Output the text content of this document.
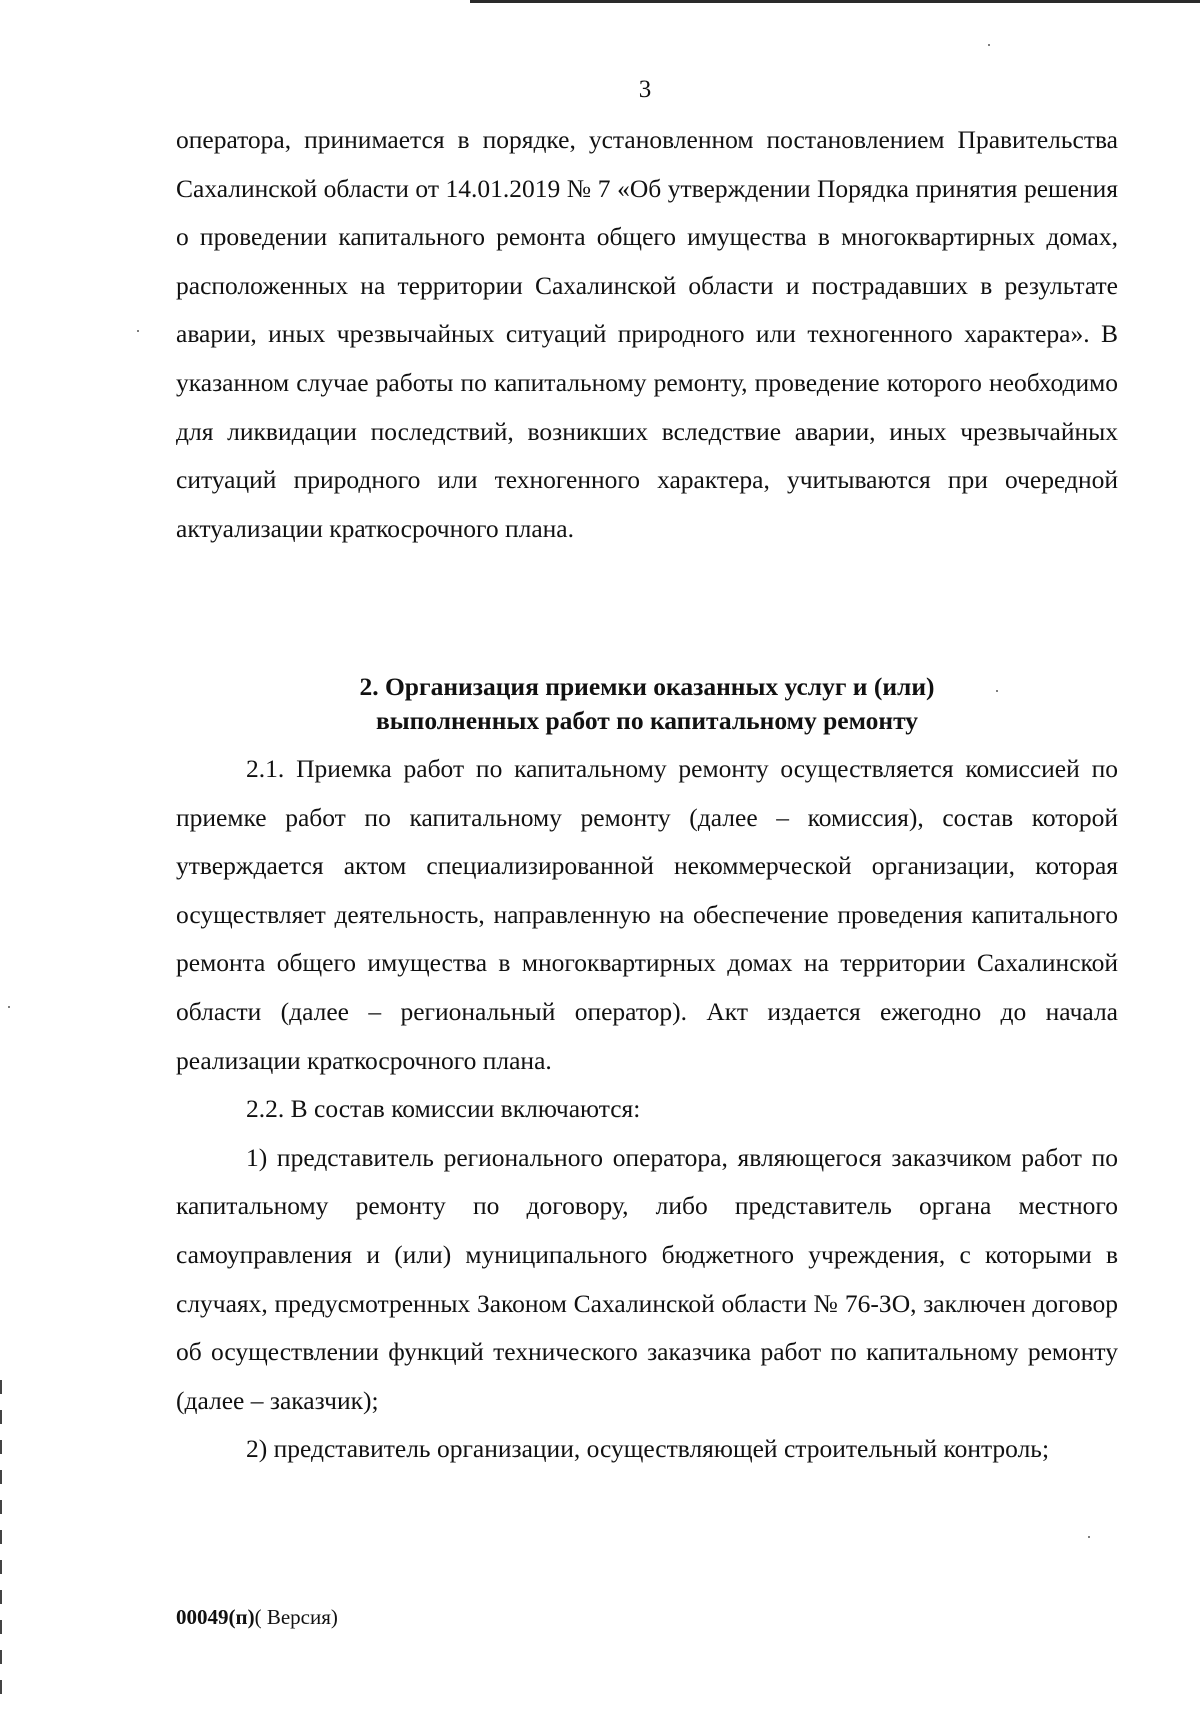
3

оператора, принимается в порядке, установленном постановлением Правительства Сахалинской области от 14.01.2019 № 7 «Об утверждении Порядка принятия решения о проведении капитального ремонта общего имущества в многоквартирных домах, расположенных на территории Сахалинской области и пострадавших в результате аварии, иных чрезвычайных ситуаций природного или техногенного характера». В указанном случае работы по капитальному ремонту, проведение которого необходимо для ликвидации последствий, возникших вследствие аварии, иных чрезвычайных ситуаций природного или техногенного характера, учитываются при очередной актуализации краткосрочного плана.

2. Организация приемки оказанных услуг и (или)
выполненных работ по капитальному ремонту

2.1. Приемка работ по капитальному ремонту осуществляется комиссией по приемке работ по капитальному ремонту (далее – комиссия), состав которой утверждается актом специализированной некоммерческой организации, которая осуществляет деятельность, направленную на обеспечение проведения капитального ремонта общего имущества в многоквартирных домах на территории Сахалинской области (далее – региональный оператор). Акт издается ежегодно до начала реализации краткосрочного плана.

2.2. В состав комиссии включаются:

1) представитель регионального оператора, являющегося заказчиком работ по капитальному ремонту по договору, либо представитель органа местного самоуправления и (или) муниципального бюджетного учреждения, с которыми в случаях, предусмотренных Законом Сахалинской области № 76-ЗО, заключен договор об осуществлении функций технического заказчика работ по капитальному ремонту (далее – заказчик);

2) представитель организации, осуществляющей строительный контроль;

00049(п)( Версия)
